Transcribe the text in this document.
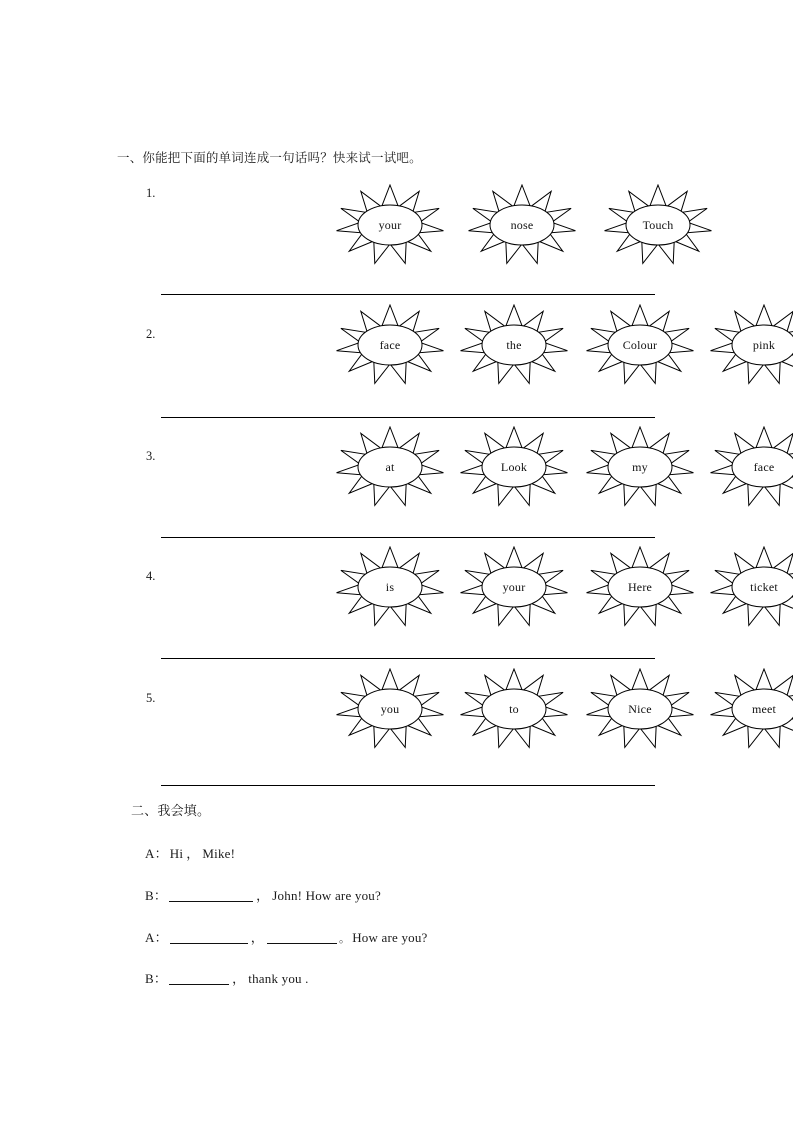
一、你能把下面的单词连成一句话吗？快来试一试吧。
1.
your	nose	Touch
2.
face	the	Colour	pink
3.
at	Look	my	face
4.
is	your	Here	ticket
5.
you	to	Nice	meet
二、我会填。
A： Hi ， Mike!
B：	， John! How are you?
A：	，	。 How are you?
B：	， thank you .
